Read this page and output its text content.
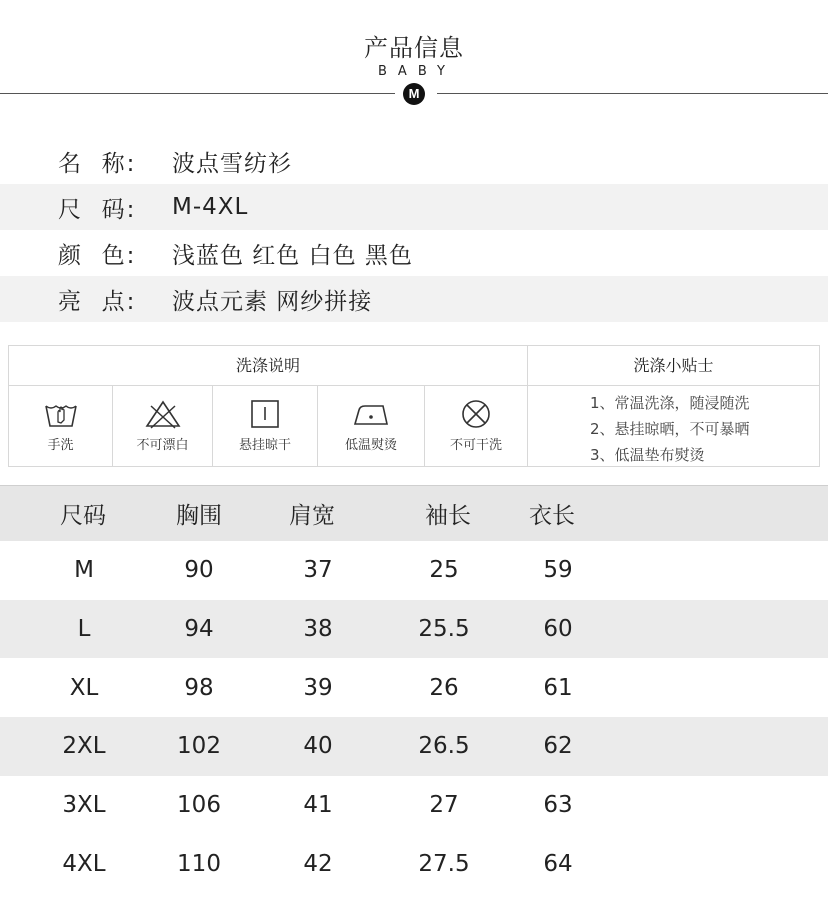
产品信息
BABY
M
名  称:	波点雪纺衫
尺  码:	M-4XL
颜  色:	浅蓝色 红色 白色 黑色
亮  点:	波点元素 网纱拼接
洗涤说明	洗涤小贴士
手洗	不可漂白	悬挂晾干	低温熨烫	不可干洗
1、常温洗涤，随浸随洗
2、悬挂晾晒，不可暴晒
3、低温垫布熨烫
尺码	胸围	肩宽	袖长	衣长
M	90	37	25	59
L	94	38	25.5	60
XL	98	39	26	61
2XL	102	40	26.5	62
3XL	106	41	27	63
4XL	110	42	27.5	64
